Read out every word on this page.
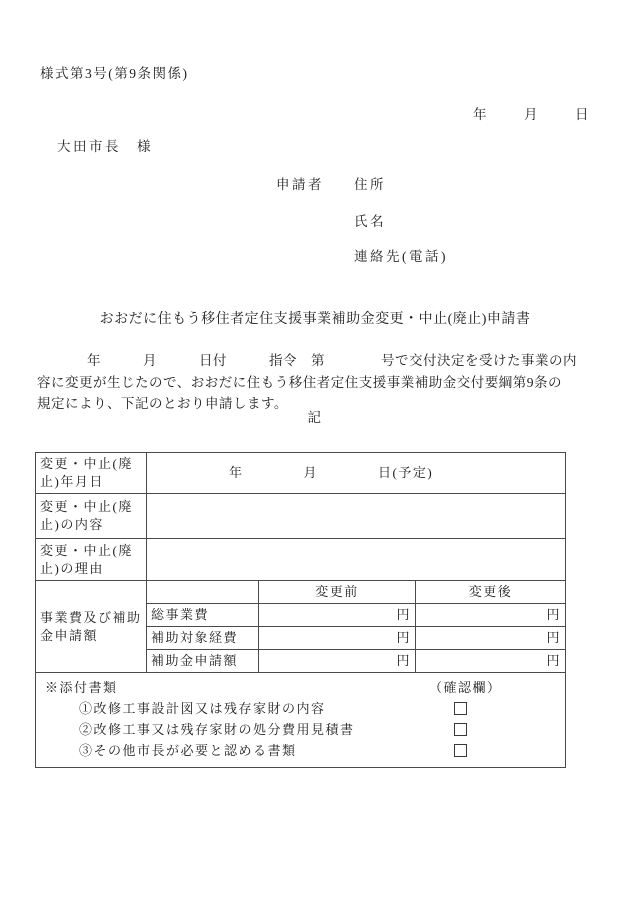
様式第3号(第9条関係)
年	月	日
大田市長　様
申請者 住所
氏名
連絡先(電話)
おおだに住もう移住者定住支援事業補助金変更・中止(廃止)申請書
年　　　月　　　日付　　　指令　第　　　　号で交付決定を受けた事業の内
容に変更が生じたので、おおだに住もう移住者定住支援事業補助金交付要綱第9条の
規定により、下記のとおり申請します。
記
変更・中止(廃止)年月日	年 月 日(予定)		

変更・中止(廃止)の内容			
変更・中止(廃止)の理由			
事業費及び補助金申請額		変更前	変更後
	総事業費	円	円
	補助対象経費	円	円
	補助金申請額	円	円

※添付書類 （確認欄）
①改修工事設計図又は残存家財の内容
②改修工事又は残存家財の処分費用見積書
③その他市長が必要と認める書類			
